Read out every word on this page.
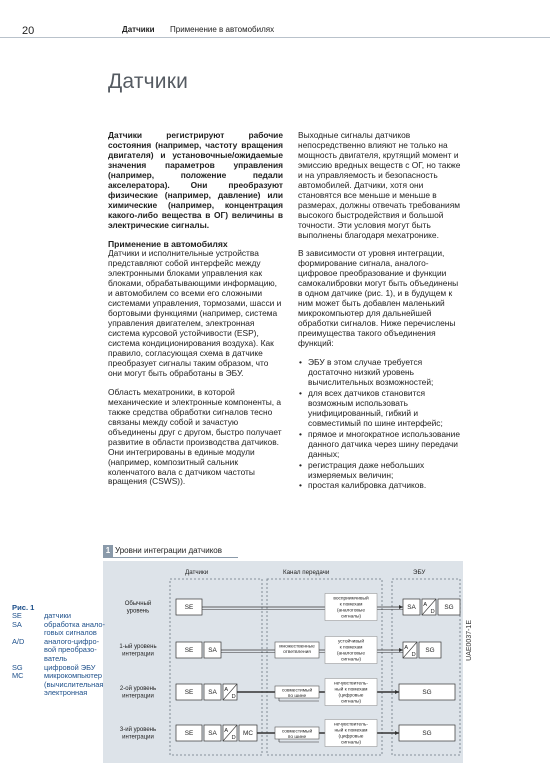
20	Датчики Применение в автомобилях
Датчики

Датчики регистрируют рабочие состояния (например, частоту вращения двигателя) и установочные/ожидаемые значения параметров управления (например, положение педали акселератора). Они преобразуют физические (например, давление) или химические (например, концентрация какого-либо вещества в ОГ) величины в электрические сигналы.

Применение в автомобилях

Датчики и исполнительные устройства представляют собой интерфейс между электронными блоками управления как блоками, обрабатывающими информацию, и автомобилем со всеми его сложными системами управления, тормозами, шасси и бортовыми функциями (например, система управления двигателем, электронная система курсовой устойчивости (ESP), система кондиционирования воздуха). Как правило, согласующая схема в датчике преобразует сигналы таким образом, что они могут быть обработаны в ЭБУ.

Область мехатроники, в которой механические и электронные компоненты, а также средства обработки сигналов тесно связаны между собой и зачастую объединены друг с другом, быстро получает развитие в области производства датчиков. Они интегрированы в единые модули (например, композитный сальник коленчатого вала с датчиком частоты вращения (CSWS)).

Выходные сигналы датчиков непосредственно влияют не только на мощность двигателя, крутящий момент и эмиссию вредных веществ с ОГ, но также и на управляемость и безопасность автомобилей. Датчики, хотя они становятся все меньше и меньше в размерах, должны отвечать требованиям высокого быстродействия и большой точности. Эти условия могут быть выполнены благодаря мехатронике.

В зависимости от уровня интеграции, формирование сигнала, аналого-цифровое преобразование и функции самокалибровки могут быть объединены в одном датчике (рис. 1), и в будущем к ним может быть добавлен маленький микрокомпьютер для дальнейшей обработки сигналов. Ниже перечислены преимущества такого объединения функций:

• ЭБУ в этом случае требуется достаточно низкий уровень вычислительных возможностей;
• для всех датчиков становится возможным использовать унифицированный, гибкий и совместимый по шине интерфейс;
• прямое и многократное использование данного датчика через шину передачи данных;
• регистрация даже небольших измеряемых величин;
• простая калибровка датчиков.
1 Уровни интеграции датчиков
Датчики	Канал передачи	ЭБУ
Обычный
уровень
SE	SA A
D
SG
восприимчивый
к помехам
(аналоговые
сигналы)
1-ый уровень
интеграции
SE SA	A
D
SG
множественные
ответвления
устойчивый
к помехам
(аналоговые
сигналы)
2-ой уровень
интеграции
SE SA A
D
SG
совместимый
по шине
нечувствитель-
ный к помехам
(цифровые
сигналы)
3-ий уровень
интеграции
SE SA A
D
MC	SG
совместимый
по шине
нечувствитель-
ный к помехам
(цифровые
сигналы)
UAE0037-1E
Рис. 1
SE	датчики
SA	обработка анало-говых сигналов
A/D	аналого-цифро-вой преобразо-ватель
SG	цифровой ЭБУ
MC	микрокомпьютер (вычислительная электронная
